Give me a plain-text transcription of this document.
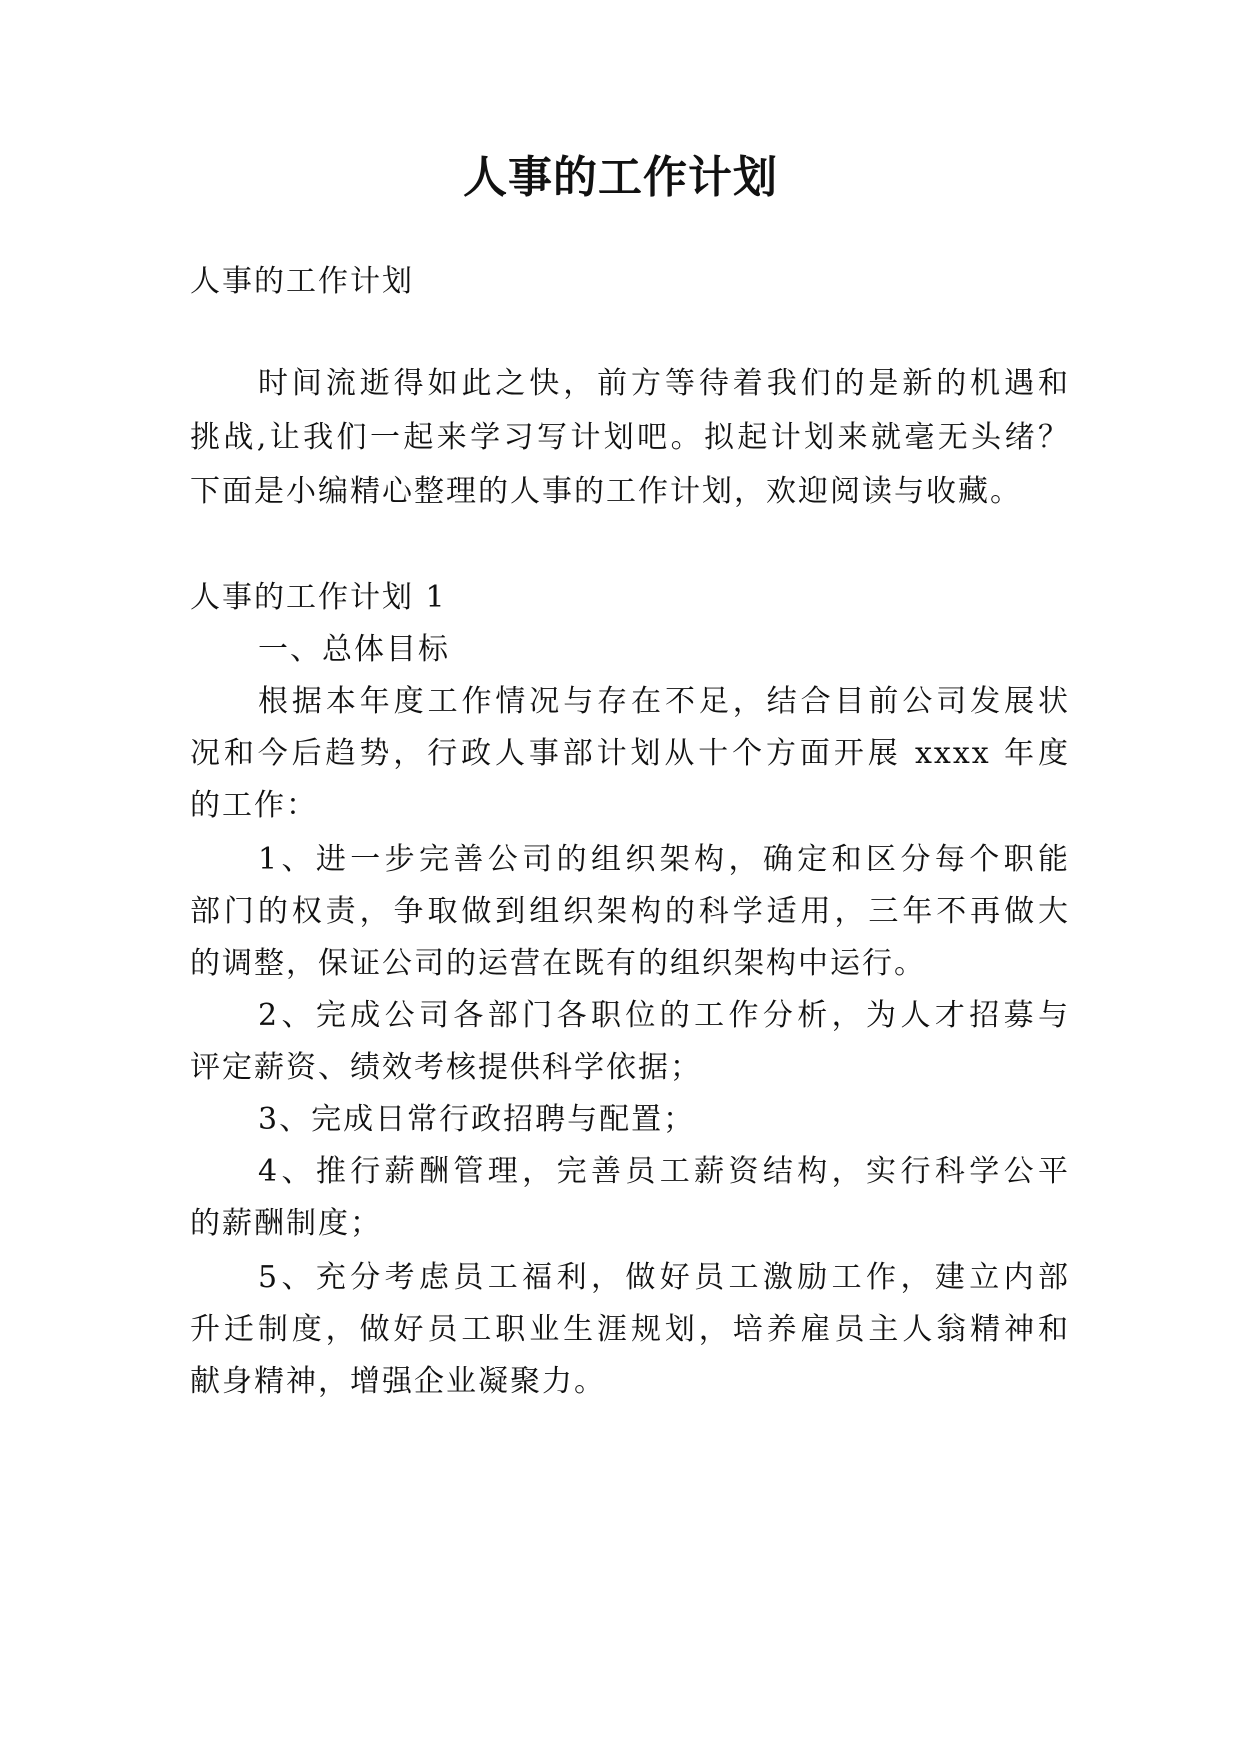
人事的工作计划

人事的工作计划

时间流逝得如此之快，前方等待着我们的是新的机遇和

挑战,让我们一起来学习写计划吧。拟起计划来就毫无头绪？

下面是小编精心整理的人事的工作计划，欢迎阅读与收藏。

人事的工作计划 1

一、总体目标

根据本年度工作情况与存在不足，结合目前公司发展状

况和今后趋势，行政人事部计划从十个方面开展 xxxx 年度

的工作：

1、进一步完善公司的组织架构，确定和区分每个职能

部门的权责，争取做到组织架构的科学适用，三年不再做大

的调整，保证公司的运营在既有的组织架构中运行。

2、完成公司各部门各职位的工作分析，为人才招募与

评定薪资、绩效考核提供科学依据；

3、完成日常行政招聘与配置；

4、推行薪酬管理，完善员工薪资结构，实行科学公平

的薪酬制度；

5、充分考虑员工福利，做好员工激励工作，建立内部

升迁制度，做好员工职业生涯规划，培养雇员主人翁精神和

献身精神，增强企业凝聚力。
